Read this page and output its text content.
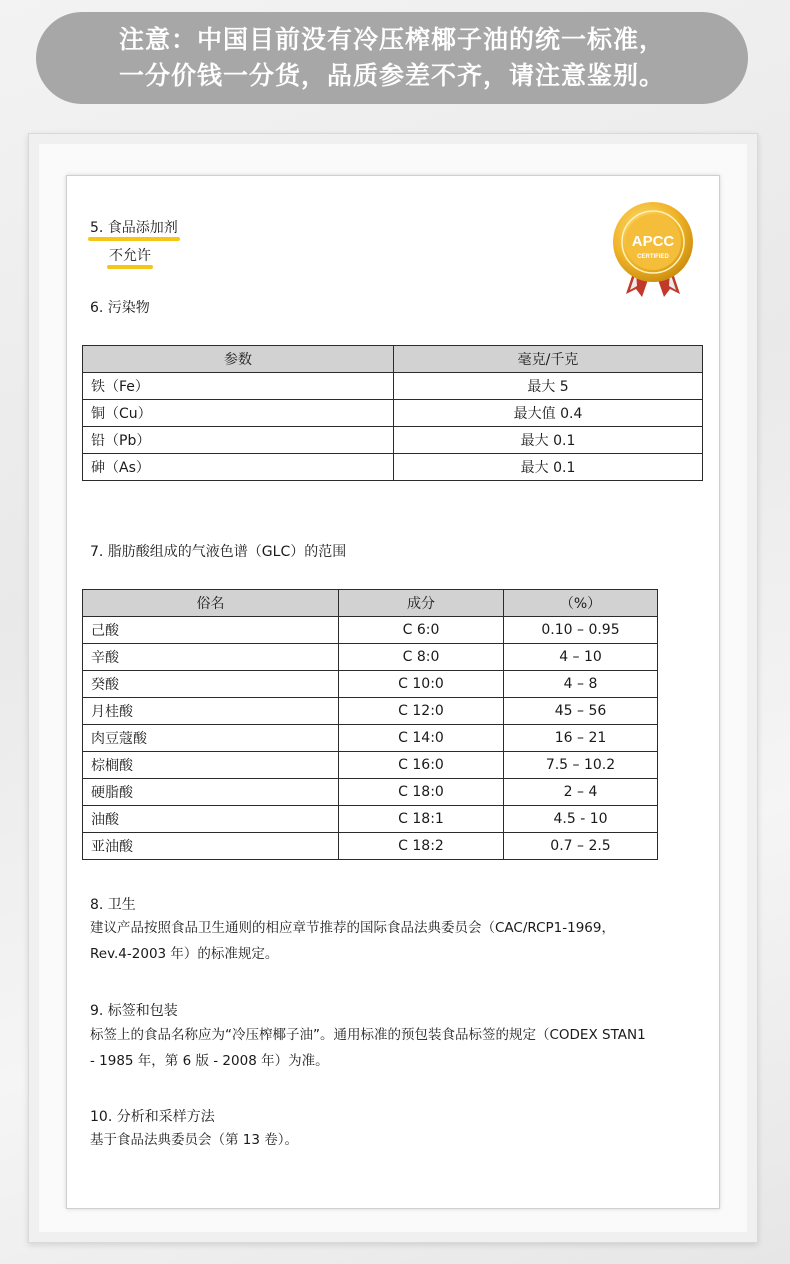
注意：中国目前没有冷压榨椰子油的统一标准，
一分价钱一分货，品质参差不齐，请注意鉴别。
APCC
CERTIFIED
5. 食品添加剂
不允许
6. 污染物
参数	毫克/千克
铁（Fe）	最大 5
铜（Cu）	最大值 0.4
铅（Pb）	最大 0.1
砷（As）	最大 0.1
7. 脂肪酸组成的气液色谱（GLC）的范围
俗名	成分	（%）
己酸	C 6:0	0.10 – 0.95
辛酸	C 8:0	4 – 10
癸酸	C 10:0	4 – 8
月桂酸	C 12:0	45 – 56
肉豆蔻酸	C 14:0	16 – 21
棕榈酸	C 16:0	7.5 – 10.2
硬脂酸	C 18:0	2 – 4
油酸	C 18:1	4.5 - 10
亚油酸	C 18:2	0.7 – 2.5
8. 卫生
建议产品按照食品卫生通则的相应章节推荐的国际食品法典委员会（CAC/RCP1-1969，
Rev.4-2003 年）的标准规定。
9. 标签和包装
标签上的食品名称应为“冷压榨椰子油”。通用标准的预包装食品标签的规定（CODEX STAN1
- 1985 年，第 6 版 - 2008 年）为准。
10. 分析和采样方法
基于食品法典委员会（第 13 卷）。
